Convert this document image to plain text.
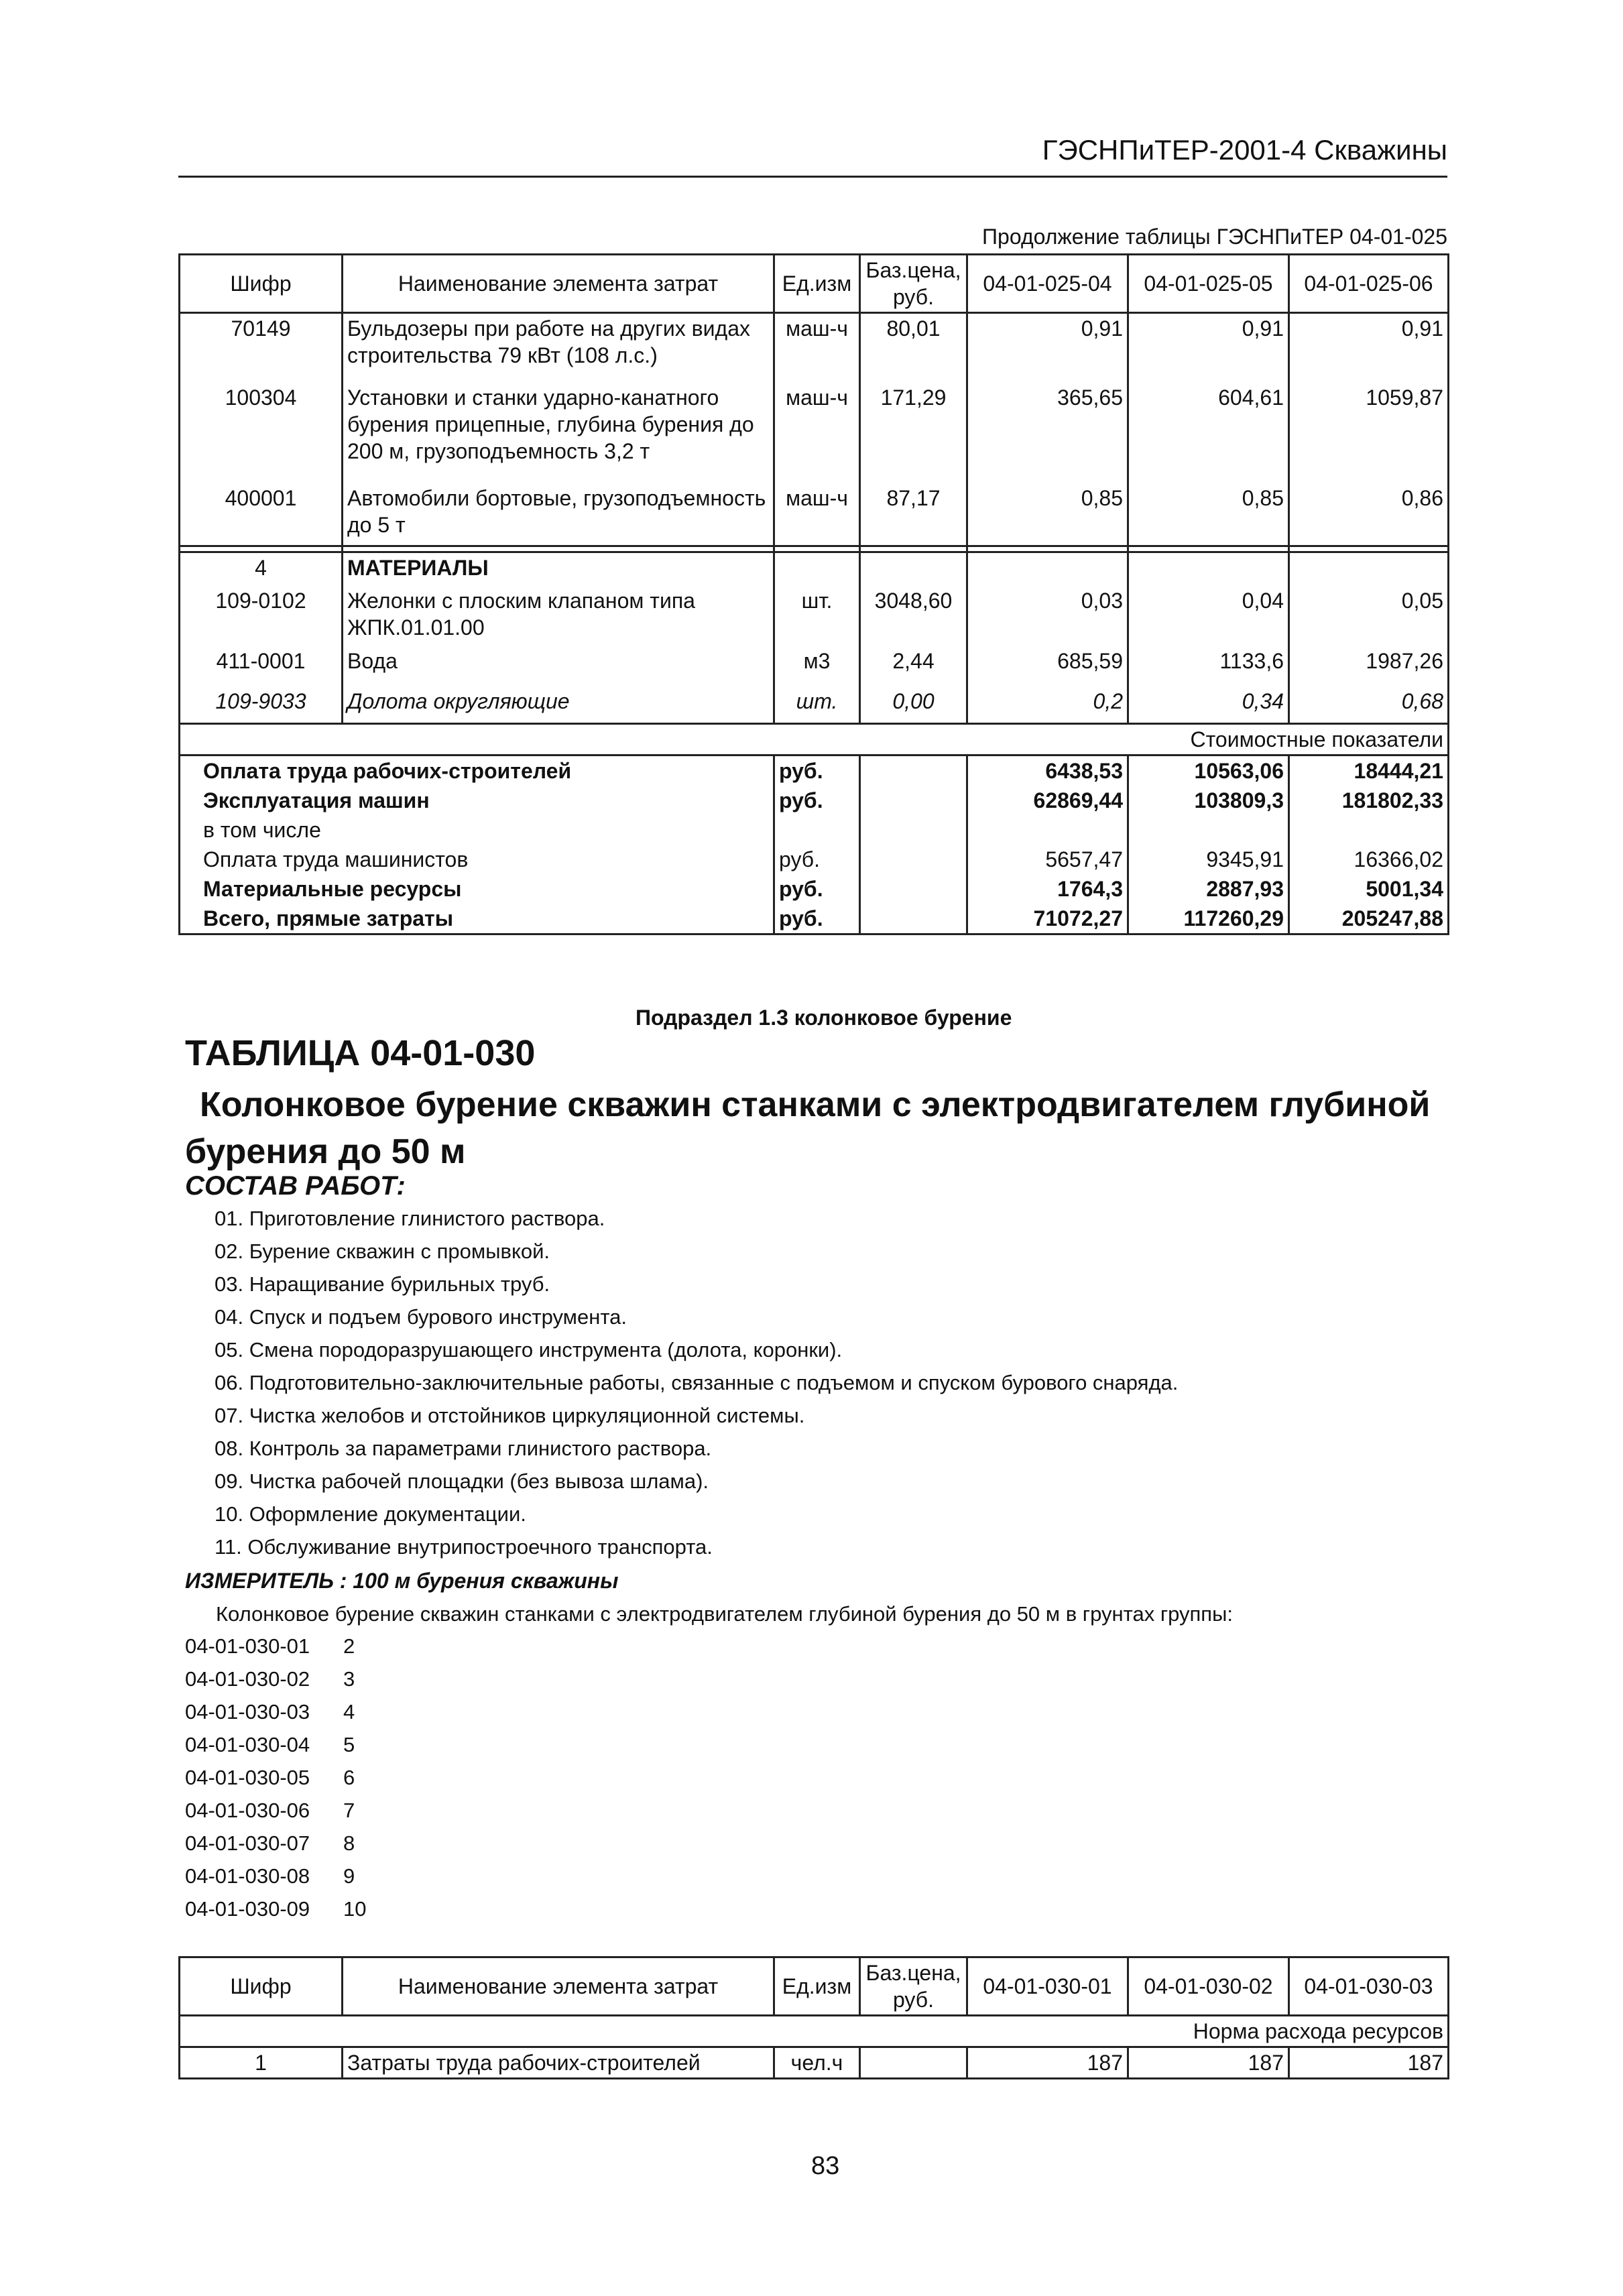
ГЭСНПиТЕР-2001-4 Скважины
Продолжение таблицы ГЭСНПиТЕР 04-01-025
Шифр	Наименование элемента затрат	Ед.изм	Баз.цена, руб.	04-01-025-04	04-01-025-05	04-01-025-06
70149	Бульдозеры при работе на других видах строительства 79 кВт (108 л.с.)	маш-ч	80,01	0,91	0,91	0,91
100304	Установки и станки ударно-канатного бурения прицепные, глубина бурения до 200 м, грузоподъемность 3,2 т	маш-ч	171,29	365,65	604,61	1059,87
400001	Автомобили бортовые, грузоподъемность до 5 т	маш-ч	87,17	0,85	0,85	0,86

4	МАТЕРИАЛЫ					
109-0102	Желонки с плоским клапаном типа ЖПК.01.01.00	шт.	3048,60	0,03	0,04	0,05
411-0001	Вода	м3	2,44	685,59	1133,6	1987,26
109-9033	Долота округляющие	шт.	0,00	0,2	0,34	0,68
Стоимостные показатели						
Оплата труда рабочих-строителей		руб.		6438,53	10563,06	18444,21
Эксплуатация машин		руб.		62869,44	103809,3	181802,33
в том числе						
Оплата труда машинистов		руб.		5657,47	9345,91	16366,02
Материальные ресурсы		руб.		1764,3	2887,93	5001,34
Всего, прямые затраты		руб.		71072,27	117260,29	205247,88
Подраздел 1.3 колонковое бурение
ТАБЛИЦА 04-01-030
Колонковое бурение скважин станками с электродвигателем глубиной бурения до 50 м
СОСТАВ РАБОТ:
01. Приготовление глинистого раствора.
02. Бурение скважин с промывкой.
03. Наращивание бурильных труб.
04. Спуск и подъем бурового инструмента.
05. Смена породоразрушающего инструмента (долота, коронки).
06. Подготовительно-заключительные работы, связанные с подъемом и спуском бурового снаряда.
07. Чистка желобов и отстойников циркуляционной системы.
08. Контроль за параметрами глинистого раствора.
09. Чистка рабочей площадки (без вывоза шлама).
10. Оформление документации.
11. Обслуживание внутрипостроечного транспорта.
ИЗМЕРИТЕЛЬ : 100 м бурения скважины
Колонковое бурение скважин станками с электродвигателем глубиной бурения до 50 м в грунтах группы:
04-01-030-01 2
04-01-030-02 3
04-01-030-03 4
04-01-030-04 5
04-01-030-05 6
04-01-030-06 7
04-01-030-07 8
04-01-030-08 9
04-01-030-09 10
Шифр	Наименование элемента затрат	Ед.изм	Баз.цена, руб.	04-01-030-01	04-01-030-02	04-01-030-03
Норма расхода ресурсов						
1	Затраты труда рабочих-строителей	чел.ч		187	187	187
83
